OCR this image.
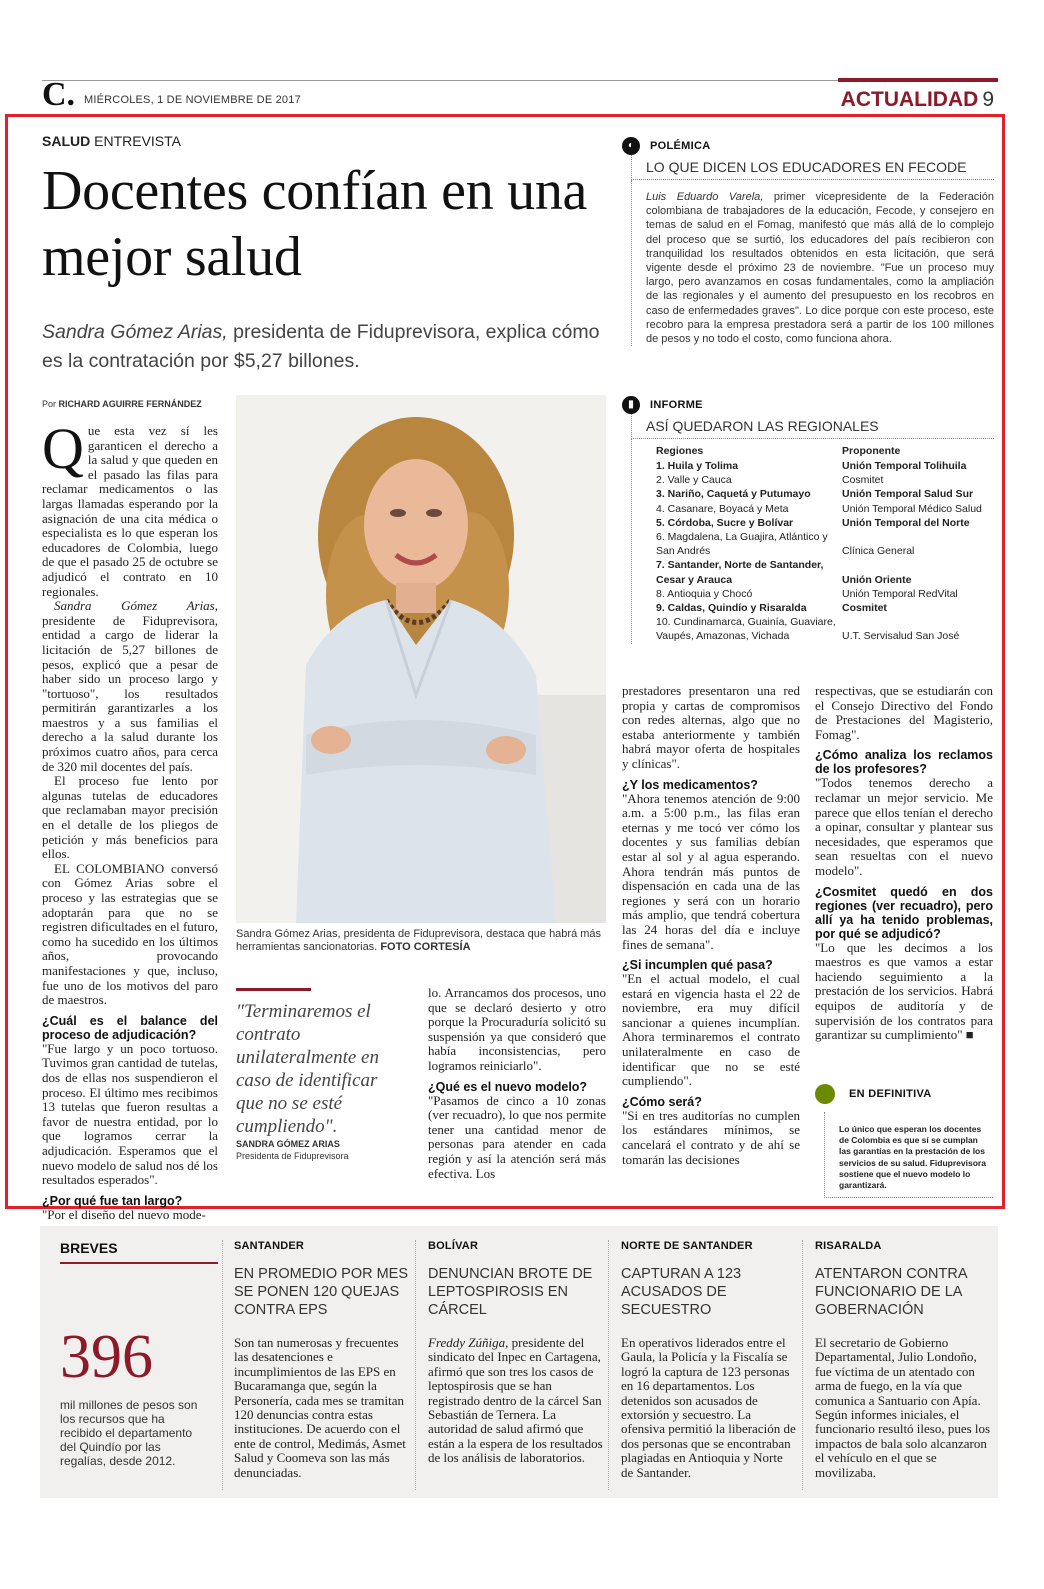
C. MIÉRCOLES, 1 DE NOVIEMBRE DE 2017	ACTUALIDAD 9
SALUD ENTREVISTA
Docentes confían en una mejor salud
Sandra Gómez Arias, presidenta de Fiduprevisora, explica cómo es la contratación por $5,27 billones.
Por RICHARD AGUIRRE FERNÁNDEZ
Q ue esta vez sí les garanticen el derecho a la salud y que queden en el pasado las filas para reclamar medicamentos o las largas llamadas esperando por la asignación de una cita médica o especialista es lo que esperan los educadores de Colombia, luego de que el pasado 25 de octubre se adjudicó el contrato en 10 regionales.

Sandra Gómez Arias, presidente de Fiduprevisora, entidad a cargo de liderar la licitación de 5,27 billones de pesos, explicó que a pesar de haber sido un proceso largo y "tortuoso", los resultados permitirán garantizarles a los maestros y a sus familias el derecho a la salud durante los próximos cuatro años, para cerca de 320 mil docentes del país.

El proceso fue lento por algunas tutelas de educadores que reclamaban mayor precisión en el detalle de los pliegos de petición y más beneficios para ellos.

EL COLOMBIANO conversó con Gómez Arias sobre el proceso y las estrategias que se adoptarán para que no se registren dificultades en el futuro, como ha sucedido en los últimos años, provocando manifestaciones y que, incluso, fue uno de los motivos del paro de maestros.

¿Cuál es el balance del proceso de adjudicación?

"Fue largo y un poco tortuoso. Tuvimos gran cantidad de tutelas, dos de ellas nos suspendieron el proceso. El último mes recibimos 13 tutelas que fueron resultas a favor de nuestra entidad, por lo que logramos cerrar la adjudicación. Esperamos que el nuevo modelo de salud nos dé los resultados esperados".

¿Por qué fue tan largo?

"Por el diseño del nuevo mode-

Sandra Gómez Arias, presidenta de Fiduprevisora, destaca que habrá más herramientas sancionatorias. FOTO CORTESÍA
"Terminaremos el contrato unilateralmente en caso de identificar que no se esté cumpliendo".
SANDRA GÓMEZ ARIAS
Presidenta de Fiduprevisora

lo. Arrancamos dos procesos, uno que se declaró desierto y otro porque la Procuraduría solicitó su suspensión ya que consideró que había inconsistencias, pero logramos reiniciarlo".

¿Qué es el nuevo modelo?

"Pasamos de cinco a 10 zonas (ver recuadro), lo que nos permite tener una cantidad menor de personas para atender en cada región y así la atención será más efectiva. Los

prestadores presentaron una red propia y cartas de compromisos con redes alternas, algo que no estaba anteriormente y también habrá mayor oferta de hospitales y clínicas".

¿Y los medicamentos?

"Ahora tenemos atención de 9:00 a.m. a 5:00 p.m., las filas eran eternas y me tocó ver cómo los docentes y sus familias debían estar al sol y al agua esperando. Ahora tendrán más puntos de dispensación en cada una de las regiones y será con un horario más amplio, que tendrá cobertura las 24 horas del día e incluye fines de semana".

¿Si incumplen qué pasa?

"En el actual modelo, el cual estará en vigencia hasta el 22 de noviembre, era muy difícil sancionar a quienes incumplían. Ahora terminaremos el contrato unilateralmente en caso de identificar que no se esté cumpliendo".

¿Cómo será?

"Si en tres auditorías no cumplen los estándares mínimos, se cancelará el contrato y de ahí se tomarán las decisiones

respectivas, que se estudiarán con el Consejo Directivo del Fondo de Prestaciones del Magisterio, Fomag".

¿Cómo analiza los reclamos de los profesores?

"Todos tenemos derecho a reclamar un mejor servicio. Me parece que ellos tenían el derecho a opinar, consultar y plantear sus necesidades, que esperamos que sean resueltas con el nuevo modelo".

¿Cosmitet quedó en dos regiones (ver recuadro), pero allí ya ha tenido problemas, por qué se adjudicó?

"Lo que les decimos a los maestros es que vamos a estar haciendo seguimiento a la prestación de los servicios. Habrá equipos de auditoría y de supervisión de los contratos para garantizar su cumplimiento" ■

◐	POLÉMICA
LO QUE DICEN LOS EDUCADORES EN FECODE
Luis Eduardo Varela, primer vicepresidente de la Federación colombiana de trabajadores de la educación, Fecode, y consejero en temas de salud en el Fomag, manifestó que más allá de lo complejo del proceso que se surtió, los educadores del país recibieron con tranquilidad los resultados obtenidos en esta licitación, que será vigente desde el próximo 23 de noviembre. "Fue un proceso muy largo, pero avanzamos en cosas fundamentales, como la ampliación de las regionales y el aumento del presupuesto en los recobros en caso de enfermedades graves". Lo dice porque con este proceso, este recobro para la empresa prestadora será a partir de los 100 millones de pesos y no todo el costo, como funciona ahora.
▮	INFORME
ASÍ QUEDARON LAS REGIONALES
Regiones	Proponente
1. Huila y Tolima	Unión Temporal Tolihuila
2. Valle y Cauca	Cosmitet
3. Nariño, Caquetá y Putumayo	Unión Temporal Salud Sur
4. Casanare, Boyacá y Meta	Unión Temporal Médico Salud
5. Córdoba, Sucre y Bolívar	Unión Temporal del Norte
6. Magdalena, La Guajira, Atlántico y San Andrés	Clínica General
7. Santander, Norte de Santander, Cesar y Arauca	Unión Oriente
8. Antioquia y Chocó	Unión Temporal RedVital
9. Caldas, Quindío y Risaralda	Cosmitet
10. Cundinamarca, Guainía, Guaviare, Vaupés, Amazonas, Vichada	U.T. Servisalud San José
EN DEFINITIVA
Lo único que esperan los docentes de Colombia es que sí se cumplan las garantías en la prestación de los servicios de su salud. Fiduprevisora sostiene que el nuevo modelo lo garantizará.
BREVES
396
mil millones de pesos son los recursos que ha recibido el departamento del Quindío por las regalías, desde 2012.
SANTANDER
EN PROMEDIO POR MES SE PONEN 120 QUEJAS CONTRA EPS
Son tan numerosas y frecuentes las desatenciones e incumplimientos de las EPS en Bucaramanga que, según la Personería, cada mes se tramitan 120 denuncias contra estas instituciones. De acuerdo con el ente de control, Medimás, Asmet Salud y Coomeva son las más denunciadas.
BOLÍVAR
DENUNCIAN BROTE DE LEPTOSPIROSIS EN CÁRCEL
Freddy Zúñiga, presidente del sindicato del Inpec en Cartagena, afirmó que son tres los casos de leptospirosis que se han registrado dentro de la cárcel San Sebastián de Ternera. La autoridad de salud afirmó que están a la espera de los resultados de los análisis de laboratorios.
NORTE DE SANTANDER
CAPTURAN A 123 ACUSADOS DE SECUESTRO
En operativos liderados entre el Gaula, la Policía y la Fiscalía se logró la captura de 123 personas en 16 departamentos. Los detenidos son acusados de extorsión y secuestro. La ofensiva permitió la liberación de dos personas que se encontraban plagiadas en Antioquia y Norte de Santander.
RISARALDA
ATENTARON CONTRA FUNCIONARIO DE LA GOBERNACIÓN
El secretario de Gobierno Departamental, Julio Londoño, fue víctima de un atentado con arma de fuego, en la vía que comunica a Santuario con Apía. Según informes iniciales, el funcionario resultó ileso, pues los impactos de bala solo alcanzaron el vehículo en el que se movilizaba.
